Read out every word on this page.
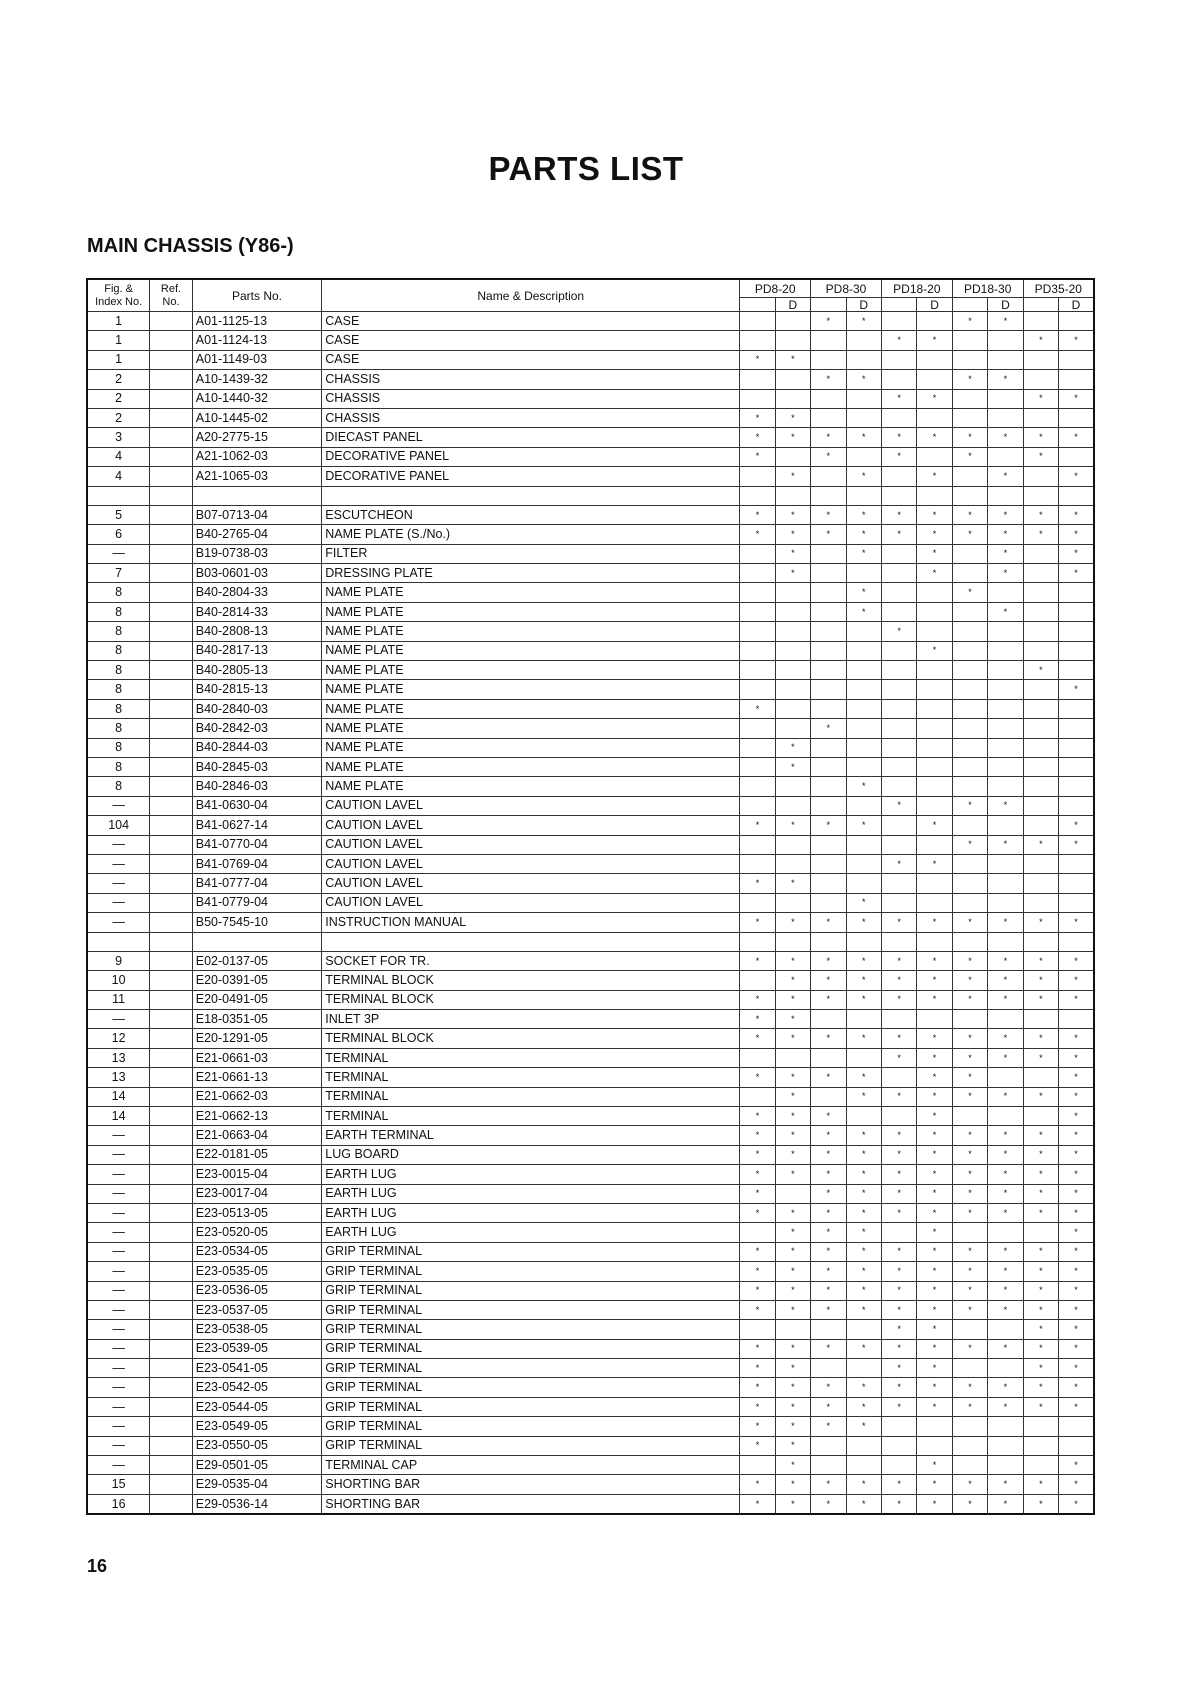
PARTS LIST
MAIN CHASSIS (Y86-)
Fig. & Index No.	Ref. No.	Parts No.	Name & Description	PD8-20		PD8-30		PD18-20		PD18-30		PD35-20	
					D		D		D		D		D
1		A01-1125-13	CASE			*	*			*	*		
1		A01-1124-13	CASE					*	*			*	*
1		A01-1149-03	CASE	*	*								
2		A10-1439-32	CHASSIS			*	*			*	*		
2		A10-1440-32	CHASSIS					*	*			*	*
2		A10-1445-02	CHASSIS	*	*								
3		A20-2775-15	DIECAST PANEL	*	*	*	*	*	*	*	*	*	*
4		A21-1062-03	DECORATIVE PANEL	*		*		*		*		*	
4		A21-1065-03	DECORATIVE PANEL		*		*		*		*		*

5		B07-0713-04	ESCUTCHEON	*	*	*	*	*	*	*	*	*	*
6		B40-2765-04	NAME PLATE (S./No.)	*	*	*	*	*	*	*	*	*	*
—		B19-0738-03	FILTER		*		*		*		*		*
7		B03-0601-03	DRESSING PLATE		*				*		*		*
8		B40-2804-33	NAME PLATE				*			*			
8		B40-2814-33	NAME PLATE				*				*		
8		B40-2808-13	NAME PLATE					*					
8		B40-2817-13	NAME PLATE						*				
8		B40-2805-13	NAME PLATE									*	
8		B40-2815-13	NAME PLATE										*
8		B40-2840-03	NAME PLATE	*									
8		B40-2842-03	NAME PLATE			*							
8		B40-2844-03	NAME PLATE		*								
8		B40-2845-03	NAME PLATE		*								
8		B40-2846-03	NAME PLATE				*						
—		B41-0630-04	CAUTION LAVEL					*		*	*		
104		B41-0627-14	CAUTION LAVEL	*	*	*	*		*				*
—		B41-0770-04	CAUTION LAVEL							*	*	*	*
—		B41-0769-04	CAUTION LAVEL					*	*				
—		B41-0777-04	CAUTION LAVEL	*	*								
—		B41-0779-04	CAUTION LAVEL				*						
—		B50-7545-10	INSTRUCTION MANUAL	*	*	*	*	*	*	*	*	*	*

9		E02-0137-05	SOCKET FOR TR.	*	*	*	*	*	*	*	*	*	*
10		E20-0391-05	TERMINAL BLOCK		*	*	*	*	*	*	*	*	*
11		E20-0491-05	TERMINAL BLOCK	*	*	*	*	*	*	*	*	*	*
—		E18-0351-05	INLET 3P	*	*								
12		E20-1291-05	TERMINAL BLOCK	*	*	*	*	*	*	*	*	*	*
13		E21-0661-03	TERMINAL					*	*	*	*	*	*
13		E21-0661-13	TERMINAL	*	*	*	*		*	*			*
14		E21-0662-03	TERMINAL		*		*	*	*	*	*	*	*
14		E21-0662-13	TERMINAL	*	*	*			*				*
—		E21-0663-04	EARTH TERMINAL	*	*	*	*	*	*	*	*	*	*
—		E22-0181-05	LUG BOARD	*	*	*	*	*	*	*	*	*	*
—		E23-0015-04	EARTH LUG	*	*	*	*	*	*	*	*	*	*
—		E23-0017-04	EARTH LUG	*		*	*	*	*	*	*	*	*
—		E23-0513-05	EARTH LUG	*	*	*	*	*	*	*	*	*	*
—		E23-0520-05	EARTH LUG		*	*	*		*				*
—		E23-0534-05	GRIP TERMINAL	*	*	*	*	*	*	*	*	*	*
—		E23-0535-05	GRIP TERMINAL	*	*	*	*	*	*	*	*	*	*
—		E23-0536-05	GRIP TERMINAL	*	*	*	*	*	*	*	*	*	*
—		E23-0537-05	GRIP TERMINAL	*	*	*	*	*	*	*	*	*	*
—		E23-0538-05	GRIP TERMINAL					*	*			*	*
—		E23-0539-05	GRIP TERMINAL	*	*	*	*	*	*	*	*	*	*
—		E23-0541-05	GRIP TERMINAL	*	*			*	*			*	*
—		E23-0542-05	GRIP TERMINAL	*	*	*	*	*	*	*	*	*	*
—		E23-0544-05	GRIP TERMINAL	*	*	*	*	*	*	*	*	*	*
—		E23-0549-05	GRIP TERMINAL	*	*	*	*						
—		E23-0550-05	GRIP TERMINAL	*	*								
—		E29-0501-05	TERMINAL CAP		*				*				*
15		E29-0535-04	SHORTING BAR	*	*	*	*	*	*	*	*	*	*
16		E29-0536-14	SHORTING BAR	*	*	*	*	*	*	*	*	*	*
16
